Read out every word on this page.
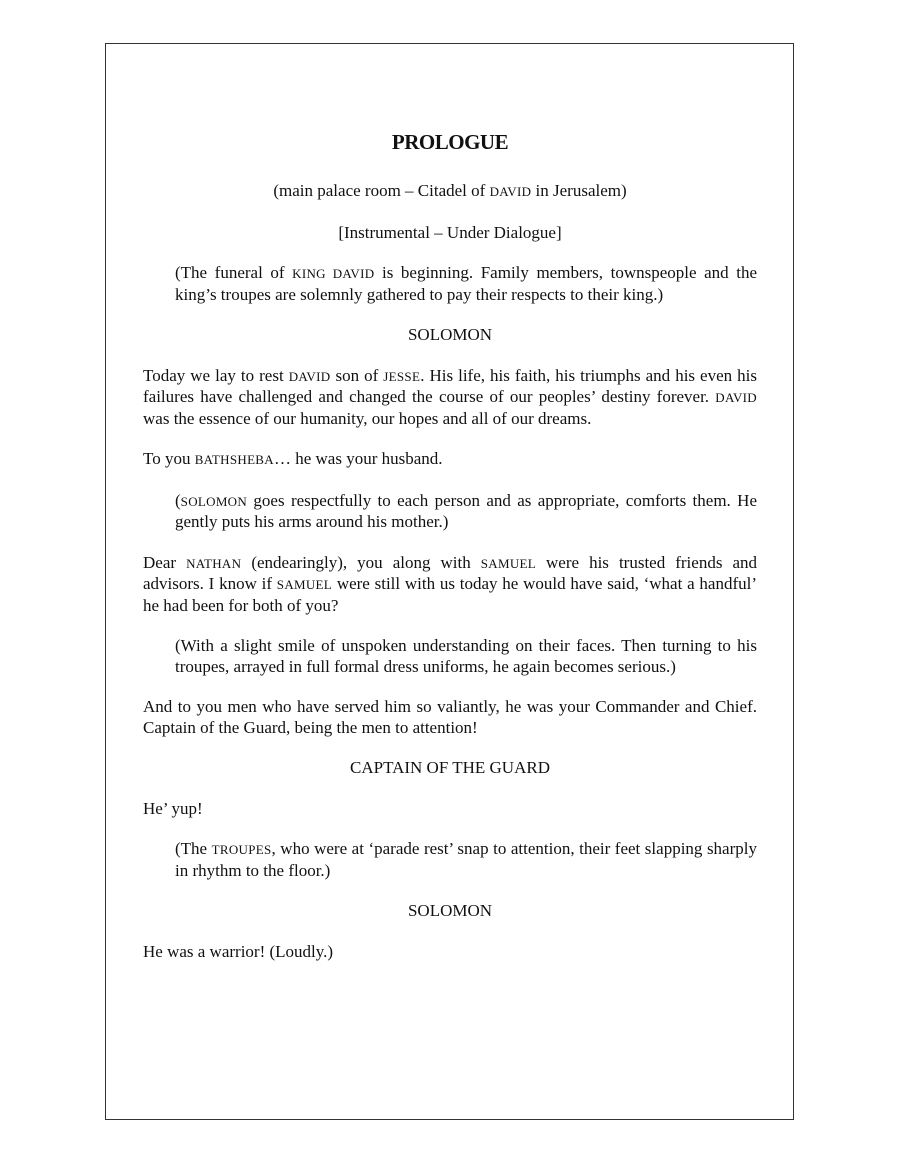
PROLOGUE
(main palace room – Citadel of DAVID in Jerusalem)
[Instrumental – Under Dialogue]
(The funeral of KING DAVID is beginning. Family members, townspeople and the king’s troupes are solemnly gathered to pay their respects to their king.)
SOLOMON
Today we lay to rest DAVID son of JESSE. His life, his faith, his triumphs and his even his failures have challenged and changed the course of our peoples’ destiny forever. DAVID was the essence of our humanity, our hopes and all of our dreams.
To you BATHSHEBA… he was your husband.
(SOLOMON goes respectfully to each person and as appropriate, comforts them. He gently puts his arms around his mother.)
Dear NATHAN (endearingly), you along with SAMUEL were his trusted friends and advisors. I know if SAMUEL were still with us today he would have said, ‘what a handful’ he had been for both of you?
(With a slight smile of unspoken understanding on their faces. Then turning to his troupes, arrayed in full formal dress uniforms, he again becomes serious.)
And to you men who have served him so valiantly, he was your Commander and Chief. Captain of the Guard, being the men to attention!
CAPTAIN OF THE GUARD
He’ yup!
(The TROUPES, who were at ‘parade rest’ snap to attention, their feet slapping sharply in rhythm to the floor.)
SOLOMON
He was a warrior! (Loudly.)
